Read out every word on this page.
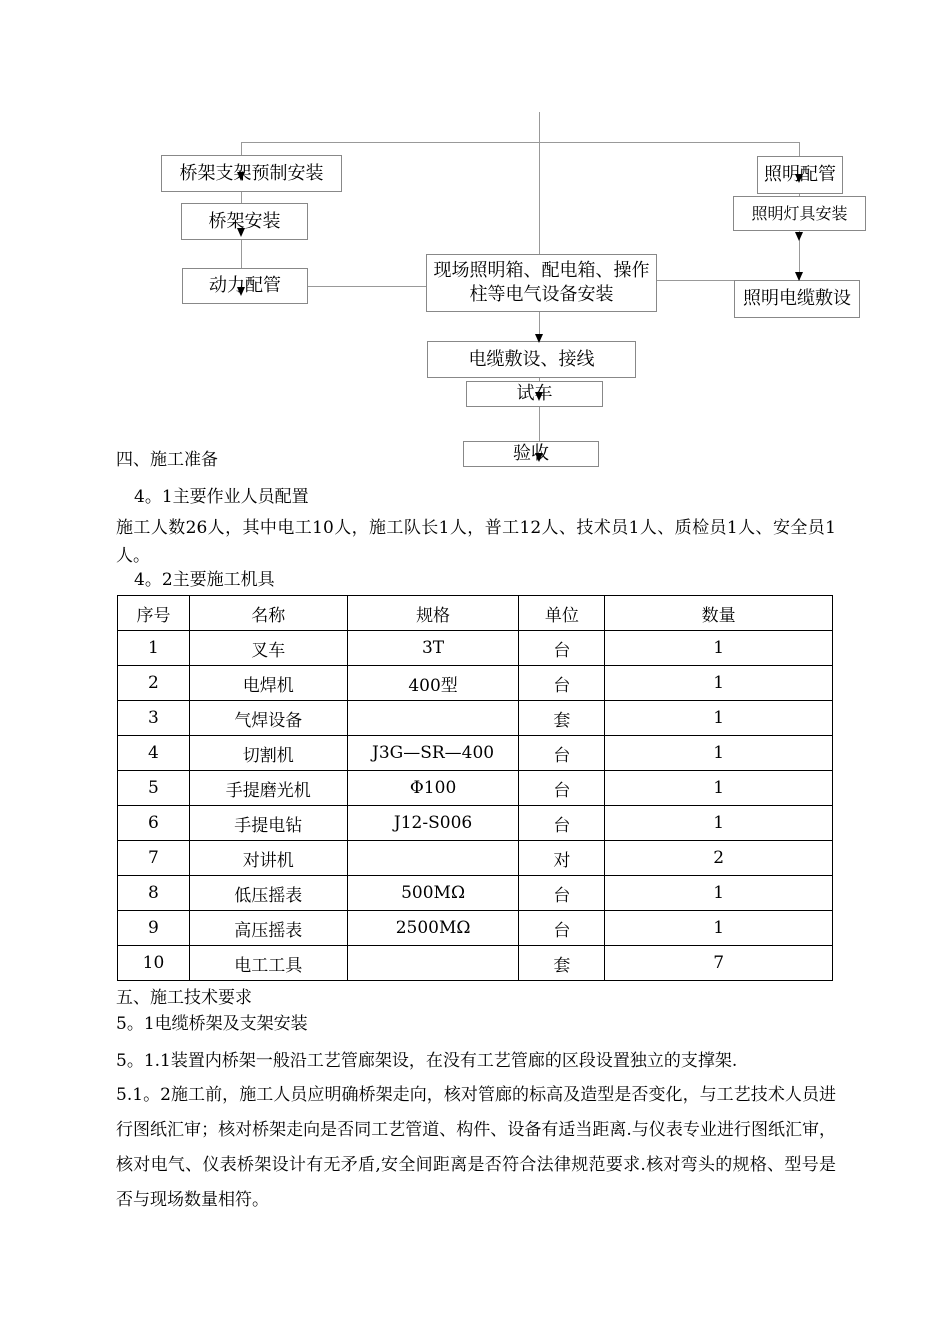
桥架支架预制安装
桥架安装
动力配管
现场照明箱、配电箱、操作柱等电气设备安装
电缆敷设、接线
试车
验收
照明配管
照明灯具安装
照明电缆敷设
四、施工准备
4。1主要作业人员配置
施工人数26人，其中电工10人，施工队长1人，普工12人、技术员1人、质检员1人、安全员1人。
4。2主要施工机具
序号	名称	规格	单位	数量
1	叉车	3T	台	1
2	电焊机	400型	台	1
3	气焊设备		套	1
4	切割机	J3G—SR—400	台	1
5	手提磨光机	Φ100	台	1
6	手提电钻	J12-S006	台	1
7	对讲机		对	2
8	低压摇表	500MΩ	台	1
9	高压摇表	2500MΩ	台	1
10	电工工具		套	7
五、施工技术要求
5。1电缆桥架及支架安装
5。1.1装置内桥架一般沿工艺管廊架设，在没有工艺管廊的区段设置独立的支撑架.
5.1。2施工前，施工人员应明确桥架走向，核对管廊的标高及造型是否变化，与工艺技术人员进行图纸汇审；核对桥架走向是否同工艺管道、构件、设备有适当距离.与仪表专业进行图纸汇审，核对电气、仪表桥架设计有无矛盾,安全间距离是否符合法律规范要求.核对弯头的规格、型号是否与现场数量相符。
